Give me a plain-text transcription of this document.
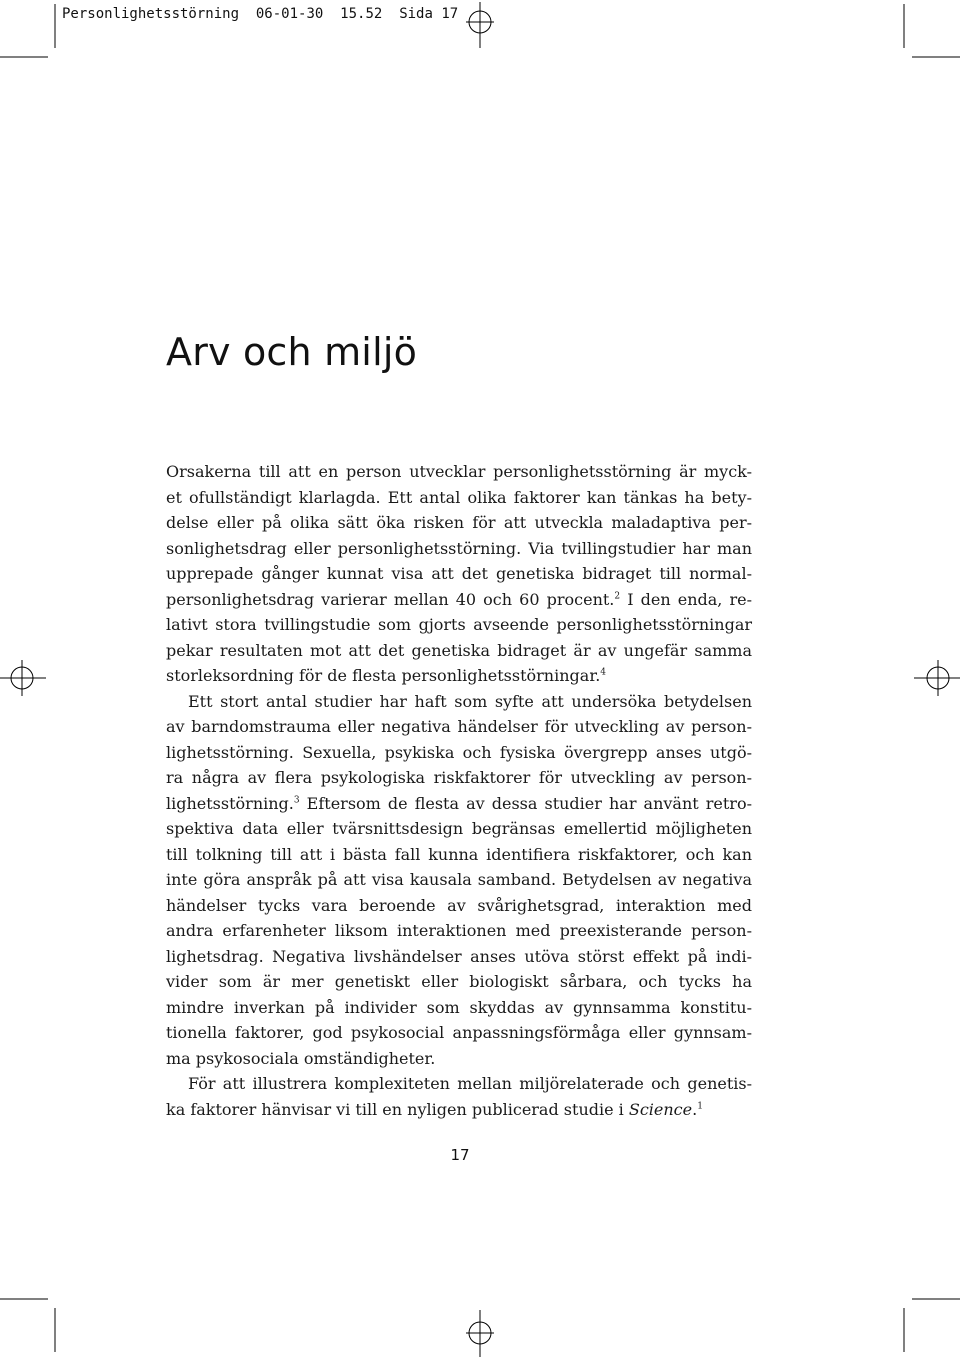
Personlighetsstörning 06-01-30 15.52 Sida 17
Arv och miljö
Orsakerna till att en person utvecklar personlighetsstörning är myck-
et ofullständigt klarlagda. Ett antal olika faktorer kan tänkas ha bety-
delse eller på olika sätt öka risken för att utveckla maladaptiva per-
sonlighetsdrag eller personlighetsstörning. Via tvillingstudier har man
upprepade gånger kunnat visa att det genetiska bidraget till normal-
personlighetsdrag varierar mellan 40 och 60 procent.$^2$ I den enda, re-
lativt stora tvillingstudie som gjorts avseende personlighetsstörningar
pekar resultaten mot att det genetiska bidraget är av ungefär samma
storleksordning för de flesta personlighetsstörningar.$^4$
Ett stort antal studier har haft som syfte att undersöka betydelsen
av barndomstrauma eller negativa händelser för utveckling av person-
lighetsstörning. Sexuella, psykiska och fysiska övergrepp anses utgö-
ra några av flera psykologiska riskfaktorer för utveckling av person-
lighetsstörning.$^3$ Eftersom de flesta av dessa studier har använt retro-
spektiva data eller tvärsnittsdesign begränsas emellertid möjligheten
till tolkning till att i bästa fall kunna identifiera riskfaktorer, och kan
inte göra anspråk på att visa kausala samband. Betydelsen av negativa
händelser tycks vara beroende av svårighetsgrad, interaktion med
andra erfarenheter liksom interaktionen med preexisterande person-
lighetsdrag. Negativa livshändelser anses utöva störst effekt på indi-
vider som är mer genetiskt eller biologiskt sårbara, och tycks ha
mindre inverkan på individer som skyddas av gynnsamma konstitu-
tionella faktorer, god psykosocial anpassningsförmåga eller gynnsam-
ma psykosociala omständigheter.
För att illustrera komplexiteten mellan miljörelaterade och genetis-
ka faktorer hänvisar vi till en nyligen publicerad studie i Science.$^1$
17
